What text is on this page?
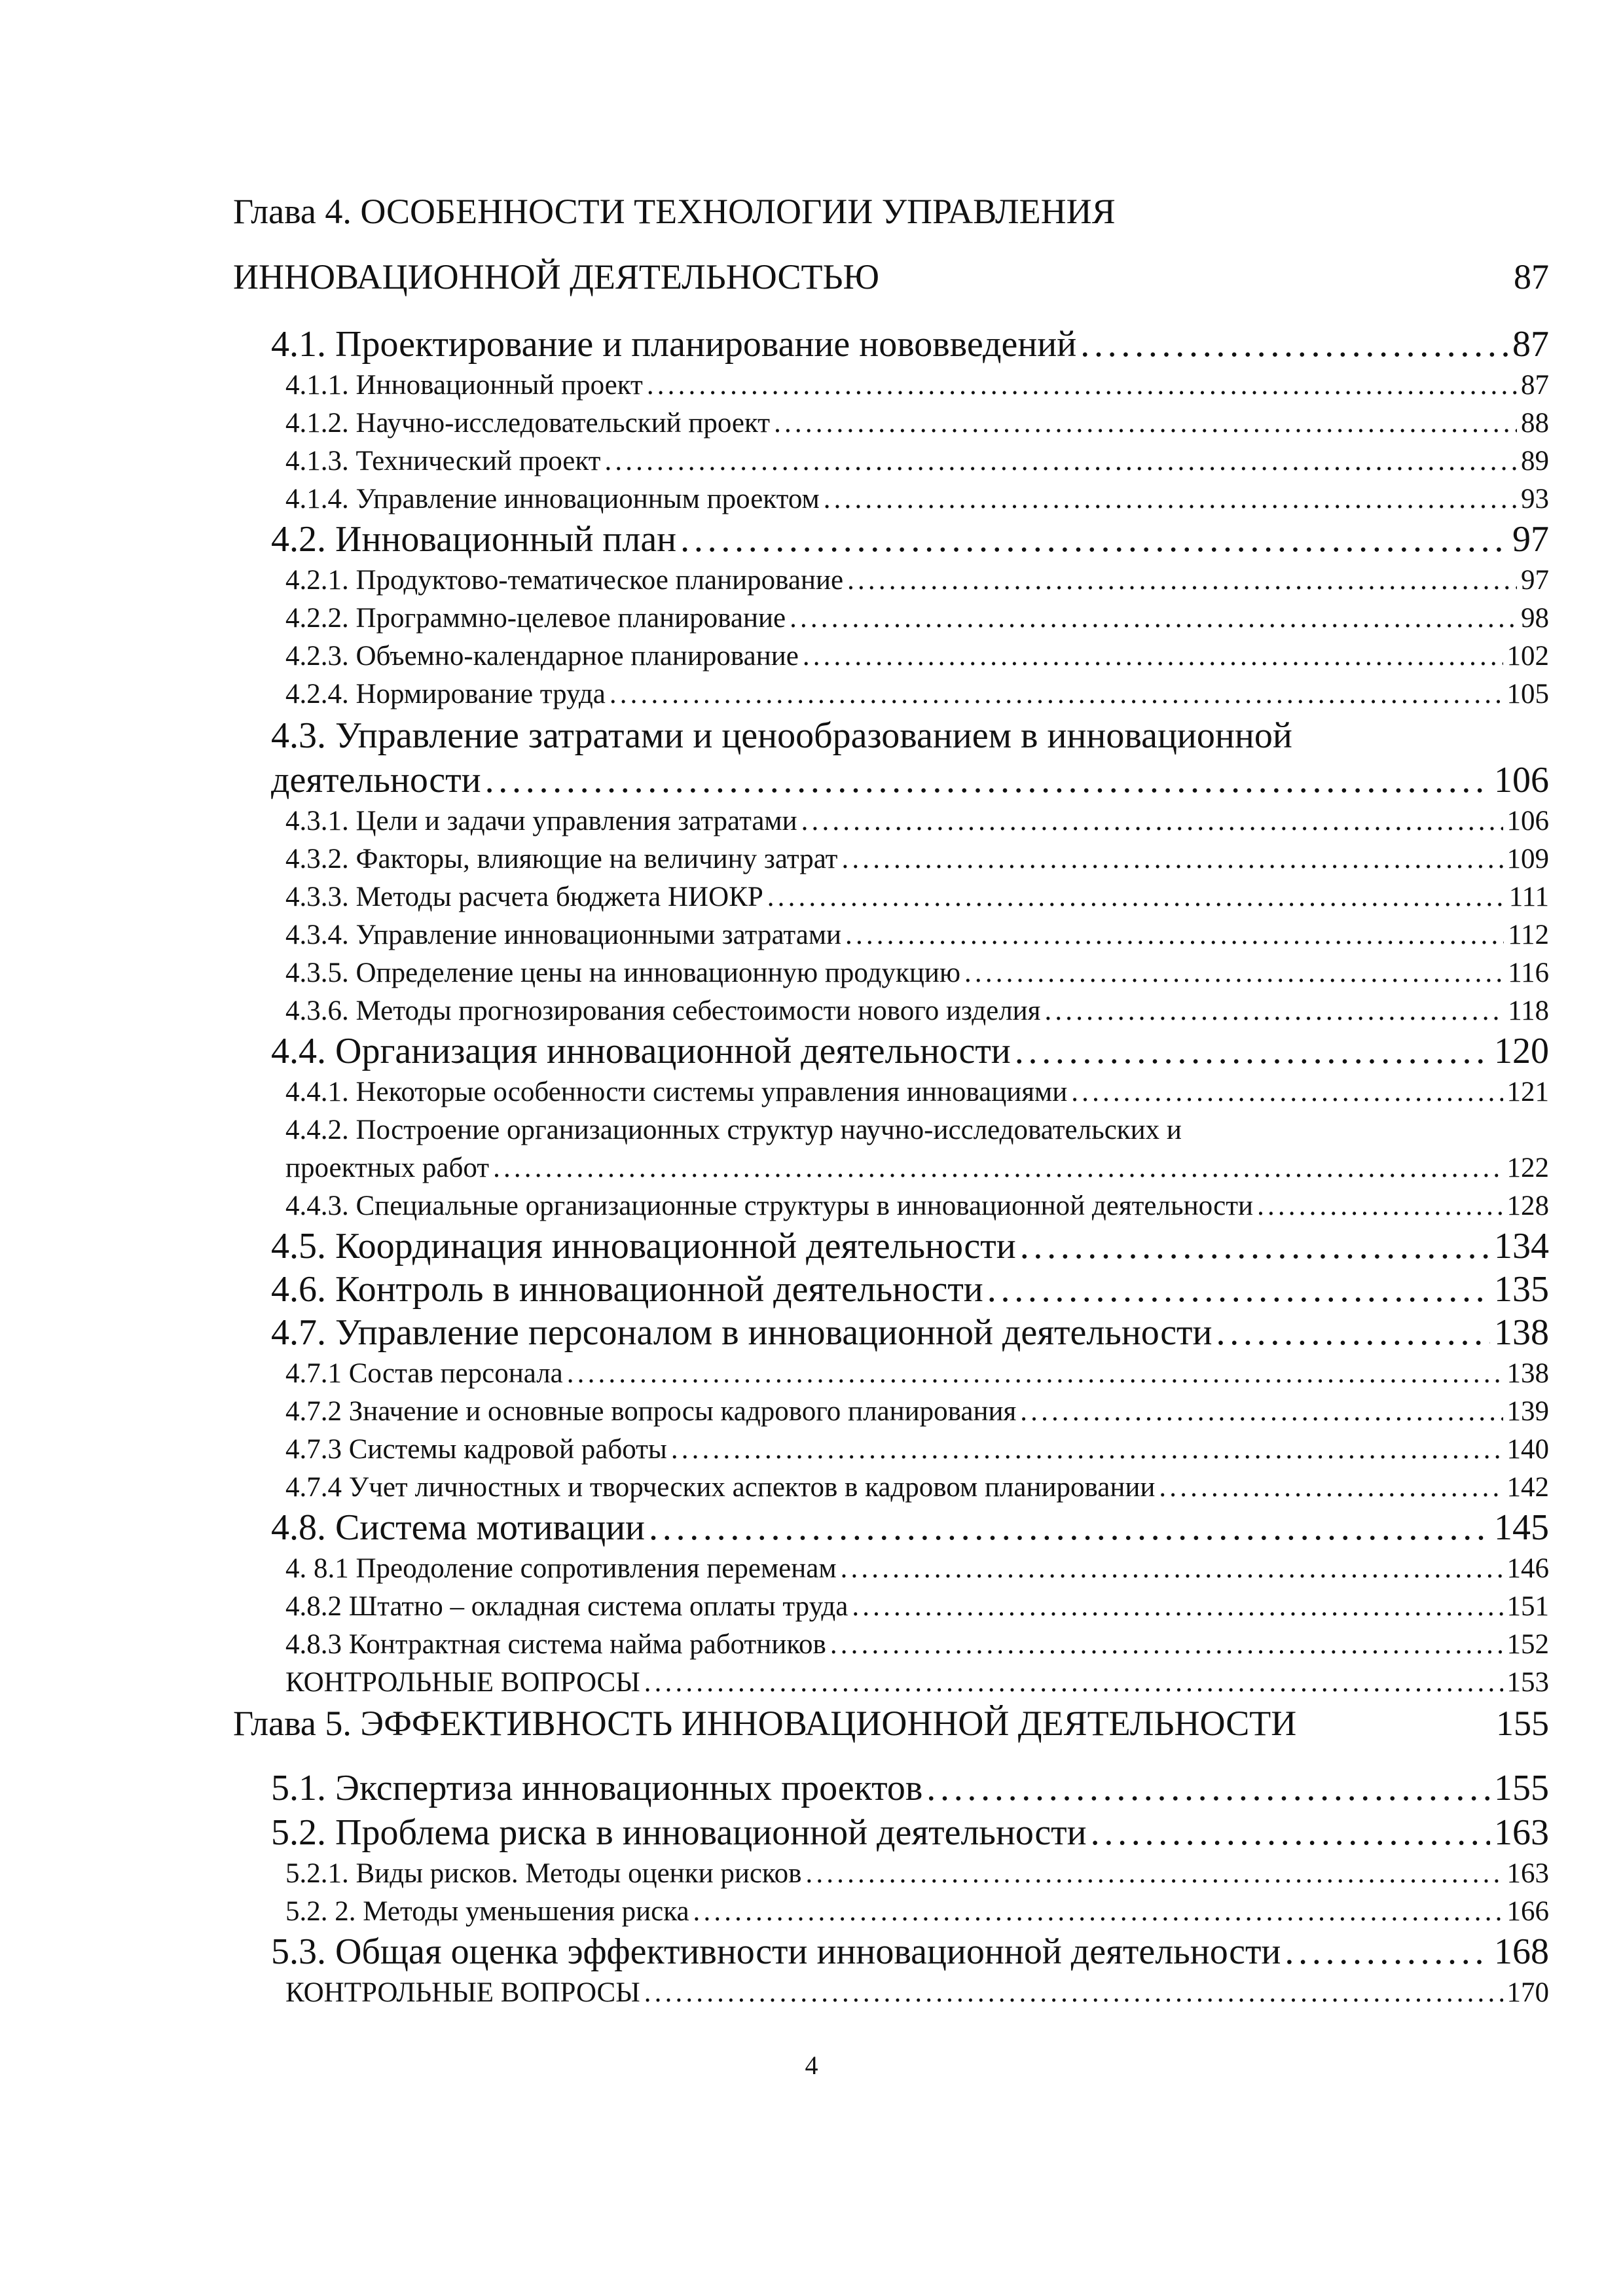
Глава 4. ОСОБЕННОСТИ ТЕХНОЛОГИИ УПРАВЛЕНИЯ
ИННОВАЦИОННОЙ ДЕЯТЕЛЬНОСТЬЮ	87
4.1. Проектирование и планирование нововведений .....	87
4.1.1. Инновационный проект .....	87
4.1.2. Научно-исследовательский проект .....	88
4.1.3. Технический проект .....	89
4.1.4. Управление инновационным проектом .....	93
4.2. Инновационный план .....	97
4.2.1. Продуктово-тематическое планирование .....	97
4.2.2. Программно-целевое планирование .....	98
4.2.3. Объемно-календарное планирование .....	102
4.2.4. Нормирование труда .....	105
4.3. Управление затратами и ценообразованием в инновационной
деятельности .....	106
4.3.1. Цели и задачи управления затратами .....	106
4.3.2. Факторы, влияющие на величину затрат .....	109
4.3.3. Методы расчета бюджета НИОКР .....	111
4.3.4. Управление инновационными затратами .....	112
4.3.5. Определение цены на инновационную продукцию .....	116
4.3.6. Методы прогнозирования себестоимости нового изделия .....	118
4.4. Организация инновационной деятельности .....	120
4.4.1. Некоторые особенности системы управления инновациями .....	121
4.4.2. Построение организационных структур научно-исследовательских и
проектных работ .....	122
4.4.3. Специальные организационные структуры в инновационной деятельности .....	128
4.5. Координация инновационной деятельности .....	134
4.6. Контроль в инновационной деятельности .....	135
4.7. Управление персоналом в инновационной деятельности .....	138
4.7.1 Состав персонала .....	138
4.7.2 Значение и основные вопросы кадрового планирования .....	139
4.7.3 Системы кадровой работы .....	140
4.7.4 Учет личностных и творческих аспектов в кадровом планировании .....	142
4.8. Система мотивации .....	145
4. 8.1 Преодоление сопротивления переменам .....	146
4.8.2 Штатно – окладная система оплаты труда .....	151
4.8.3 Контрактная система найма работников .....	152
КОНТРОЛЬНЫЕ ВОПРОСЫ .....	153
Глава 5. ЭФФЕКТИВНОСТЬ ИННОВАЦИОННОЙ ДЕЯТЕЛЬНОСТИ	155
5.1. Экспертиза инновационных проектов .....	155
5.2. Проблема риска в инновационной деятельности .....	163
5.2.1. Виды рисков. Методы оценки рисков .....	163
5.2. 2. Методы уменьшения риска .....	166
5.3. Общая оценка эффективности инновационной деятельности .....	168
КОНТРОЛЬНЫЕ ВОПРОСЫ .....	170
4
